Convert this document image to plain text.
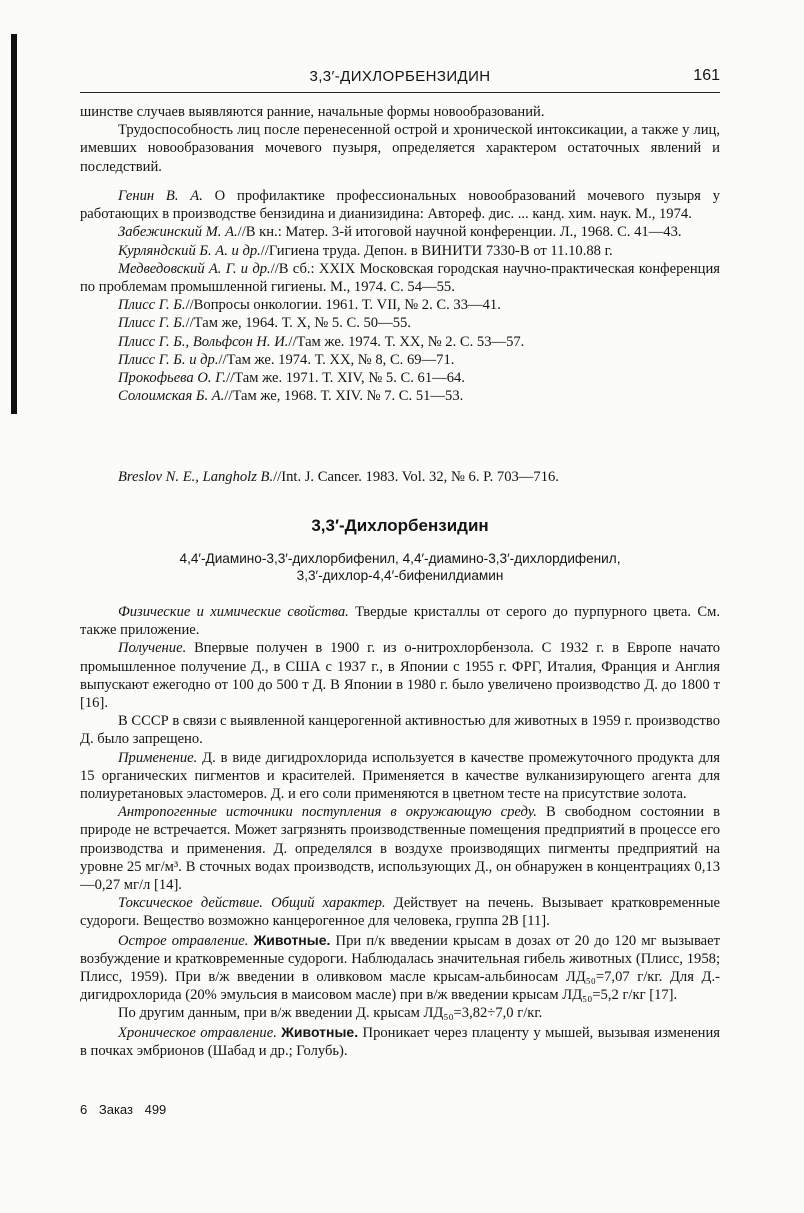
3,3′-ДИХЛОРБЕНЗИДИН	161

шинстве случаев выявляются ранние, начальные формы новообразований.

Трудоспособность лиц после перенесенной острой и хронической интоксикации, а также у лиц, имевших новообразования мочевого пузыря, определяется характером остаточных явлений и последствий.

Генин В. А. О профилактике профессиональных новообразований мочевого пузыря у работающих в производстве бензидина и дианизидина: Автореф. дис. ... канд. хим. наук. М., 1974.

Забежинский М. А.//В кн.: Матер. 3-й итоговой научной конференции. Л., 1968. С. 41—43.

Курляндский Б. А. и др.//Гигиена труда. Депон. в ВИНИТИ 7330-В от 11.10.88 г.

Медведовский А. Г. и др.//В сб.: XXIX Московская городская научно-практическая конференция по проблемам промышленной гигиены. М., 1974. С. 54—55.

Плисс Г. Б.//Вопросы онкологии. 1961. Т. VII, № 2. С. 33—41.

Плисс Г. Б.//Там же, 1964. Т. X, № 5. С. 50—55.

Плисс Г. Б., Вольфсон Н. И.//Там же. 1974. Т. XX, № 2. С. 53—57.

Плисс Г. Б. и др.//Там же. 1974. Т. XX, № 8, С. 69—71.

Прокофьева О. Г.//Там же. 1971. Т. XIV, № 5. С. 61—64.

Солоимская Б. А.//Там же, 1968. Т. XIV. № 7. С. 51—53.

Breslov N. E., Langholz B.//Int. J. Cancer. 1983. Vol. 32, № 6. P. 703—716.

3,3′-Дихлорбензидин
4,4′-Диамино-3,3′-дихлорбифенил, 4,4′-диамино-3,3′-дихлордифенил,
3,3′-дихлор-4,4′-бифенилдиамин

Физические и химические свойства. Твердые кристаллы от серого до пурпурного цвета. См. также приложение.

Получение. Впервые получен в 1900 г. из о-нитрохлорбензола. С 1932 г. в Европе начато промышленное получение Д., в США с 1937 г., в Японии с 1955 г. ФРГ, Италия, Франция и Англия выпускают ежегодно от 100 до 500 т Д. В Японии в 1980 г. было увеличено производство Д. до 1800 т [16].

В СССР в связи с выявленной канцерогенной активностью для животных в 1959 г. производство Д. было запрещено.

Применение. Д. в виде дигидрохлорида используется в качестве промежуточного продукта для 15 органических пигментов и красителей. Применяется в качестве вулканизирующего агента для полиуретановых эластомеров. Д. и его соли применяются в цветном тесте на присутствие золота.

Антропогенные источники поступления в окружающую среду. В свободном состоянии в природе не встречается. Может загрязнять производственные помещения предприятий в процессе его производства и применения. Д. определялся в воздухе производящих пигменты предприятий на уровне 25 мг/м³. В сточных водах производств, использующих Д., он обнаружен в концентрациях 0,13—0,27 мг/л [14].

Токсическое действие. Общий характер. Действует на печень. Вызывает кратковременные судороги. Вещество возможно канцерогенное для человека, группа 2В [11].

Острое отравление. Животные. При п/к введении крысам в дозах от 20 до 120 мг вызывает возбуждение и кратковременные судороги. Наблюдалась значительная гибель животных (Плисс, 1958; Плисс, 1959). При в/ж введении в оливковом масле крысам-альбиносам ЛД₅₀=7,07 г/кг. Для Д.-дигидрохлорида (20% эмульсия в маисовом масле) при в/ж введении крысам ЛД₅₀=5,2 г/кг [17].

По другим данным, при в/ж введении Д. крысам ЛД₅₀=3,82÷7,0 г/кг.

Хроническое отравление. Животные. Проникает через плаценту у мышей, вызывая изменения в почках эмбрионов (Шабад и др.; Голубь).

6 Заказ 499
